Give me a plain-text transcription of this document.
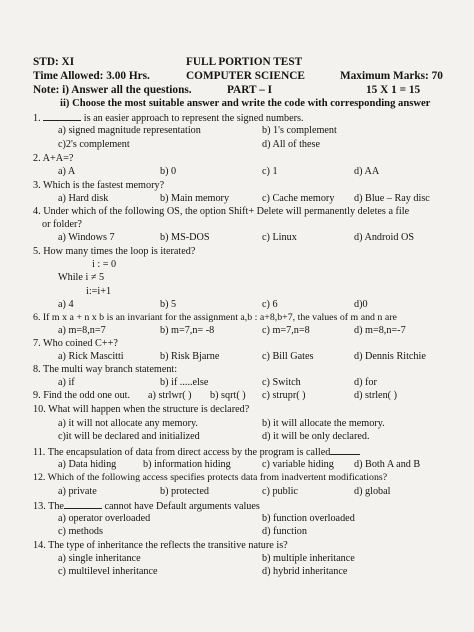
STD: XI	FULL PORTION TEST
Time Allowed: 3.00 Hrs.	COMPUTER SCIENCE	Maximum Marks: 70
Note: i) Answer all the questions.	PART – I	15 X 1 = 15
ii) Choose the most suitable answer and write the code with corresponding answer
1.	is an easier approach to represent the signed numbers.
a) signed magnitude representation	b) 1's complement
c)2's complement	d) All of these
2. A+A=?
a) A	b) 0	c) 1	d) AA
3. Which is the fastest memory?
a) Hard disk	b) Main memory	c) Cache memory d) Blue – Ray disc
4. Under which of the following OS, the option Shift+ Delete will permanently deletes a file
or folder?
a) Windows 7	b) MS-DOS	c) Linux	d) Android OS
5. How many times the loop is iterated?
i : = 0
While i ≠ 5
i:=i+1
a) 4	b) 5	c) 6	d)0
6. If m x a + n x b is an invariant for the assignment a,b : a+8,b+7, the values of m and n are
a) m=8,n=7	b) m=7,n= -8	c) m=7,n=8	d) m=8,n=-7
7. Who coined C++?
a) Rick Mascitti	b) Risk Bjarne	c) Bill Gates	d) Dennis Ritchie
8. The multi way branch statement:
a) if	b) if .....else	c) Switch	d) for
9. Find the odd one out. a) strlwr( ) b) sqrt( ) c) strupr( )	d) strlen( )
10. What will happen when the structure is declared?
a) it will not allocate any memory.	b) it will allocate the memory.
c)it will be declared and initialized	d) it will be only declared.
11. The encapsulation of data from direct access by the program is called
a) Data hiding	b) information hiding	c) variable hiding d) Both A and B
12. Which of the following access specifies protects data from inadvertent modifications?
a) private	b) protected	c) public	d) global
13. The	cannot have Default arguments values
a) operator overloaded	b) function overloaded
c) methods	d) function
14. The type of inheritance the reflects the transitive nature is?
a) single inheritance	b) multiple inheritance
c) multilevel inheritance	d) hybrid inheritance
